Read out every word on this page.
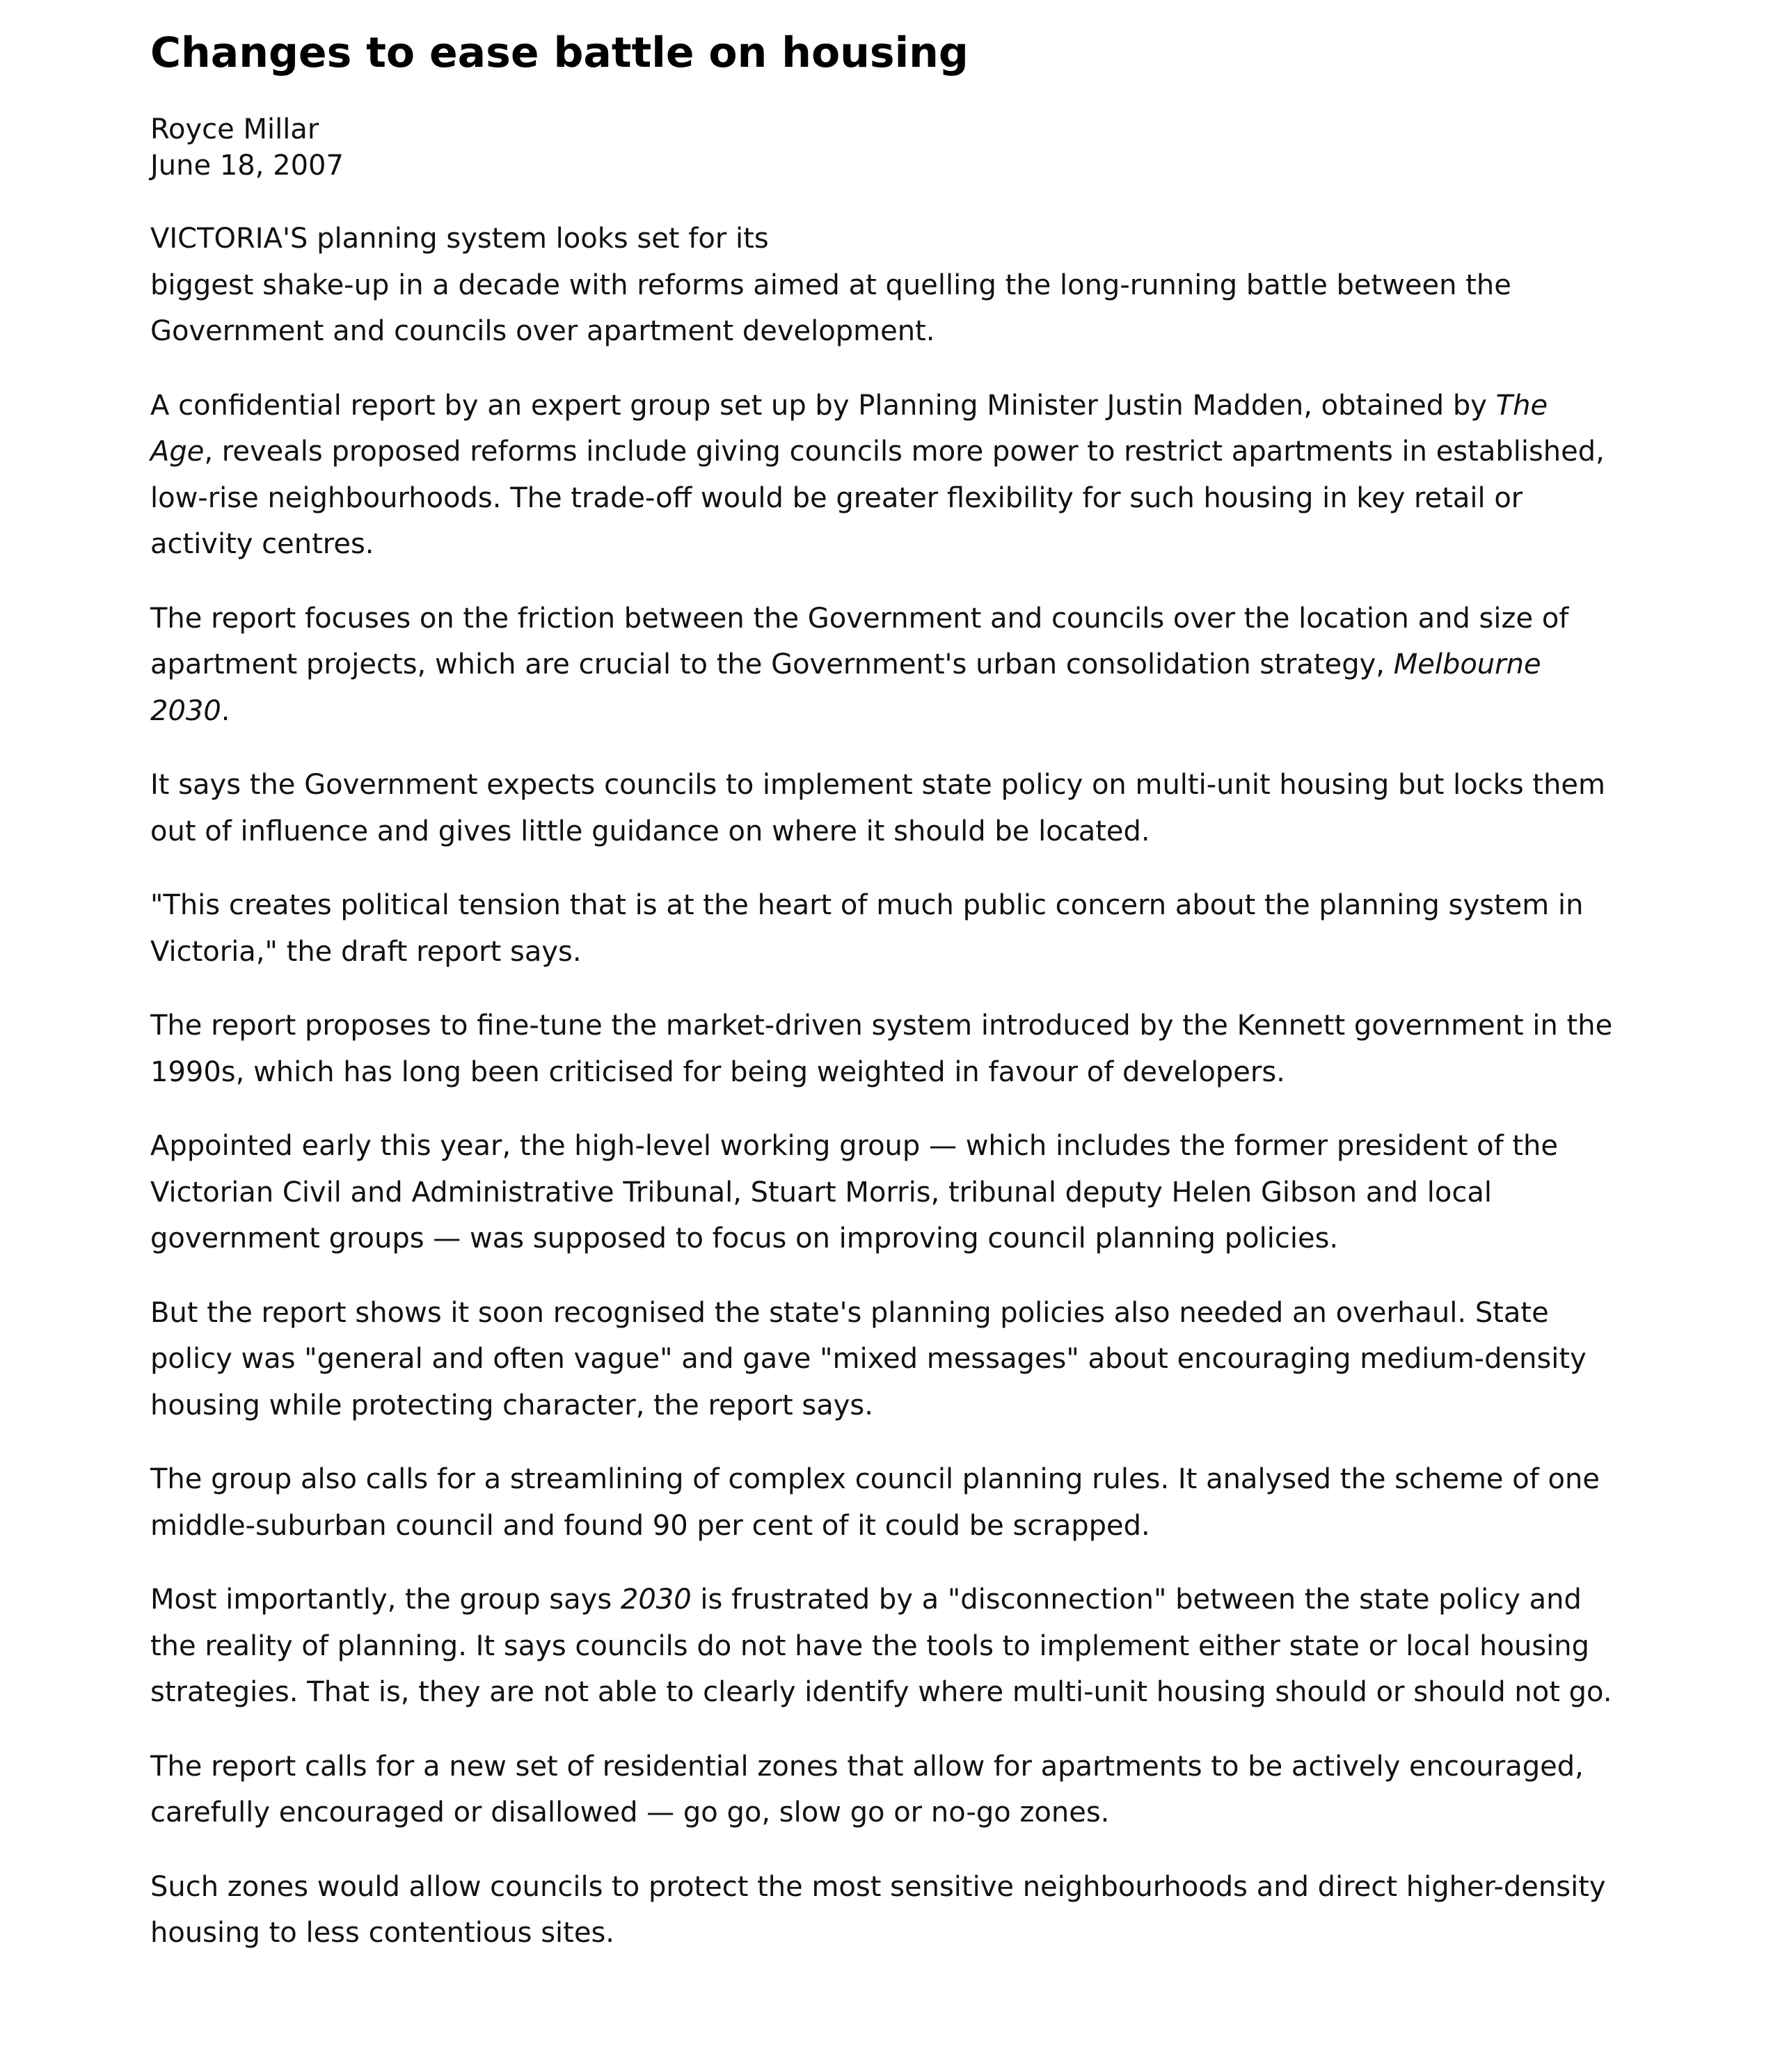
Changes to ease battle on housing
Royce Millar
June 18, 2007

VICTORIA'S planning system looks set for its
biggest shake-up in a decade with reforms aimed at quelling the long-running battle between the Government and councils over apartment development.

A confidential report by an expert group set up by Planning Minister Justin Madden, obtained by The Age, reveals proposed reforms include giving councils more power to restrict apartments in established, low-rise neighbourhoods. The trade-off would be greater flexibility for such housing in key retail or activity centres.

The report focuses on the friction between the Government and councils over the location and size of apartment projects, which are crucial to the Government's urban consolidation strategy, Melbourne 2030.

It says the Government expects councils to implement state policy on multi-unit housing but locks them out of influence and gives little guidance on where it should be located.

"This creates political tension that is at the heart of much public concern about the planning system in Victoria," the draft report says.

The report proposes to fine-tune the market-driven system introduced by the Kennett government in the 1990s, which has long been criticised for being weighted in favour of developers.

Appointed early this year, the high-level working group — which includes the former president of the Victorian Civil and Administrative Tribunal, Stuart Morris, tribunal deputy Helen Gibson and local government groups — was supposed to focus on improving council planning policies.

But the report shows it soon recognised the state's planning policies also needed an overhaul. State policy was "general and often vague" and gave "mixed messages" about encouraging medium-density housing while protecting character, the report says.

The group also calls for a streamlining of complex council planning rules. It analysed the scheme of one middle-suburban council and found 90 per cent of it could be scrapped.

Most importantly, the group says 2030 is frustrated by a "disconnection" between the state policy and the reality of planning. It says councils do not have the tools to implement either state or local housing strategies. That is, they are not able to clearly identify where multi-unit housing should or should not go.

The report calls for a new set of residential zones that allow for apartments to be actively encouraged, carefully encouraged or disallowed — go go, slow go or no-go zones.

Such zones would allow councils to protect the most sensitive neighbourhoods and direct higher-density housing to less contentious sites.
